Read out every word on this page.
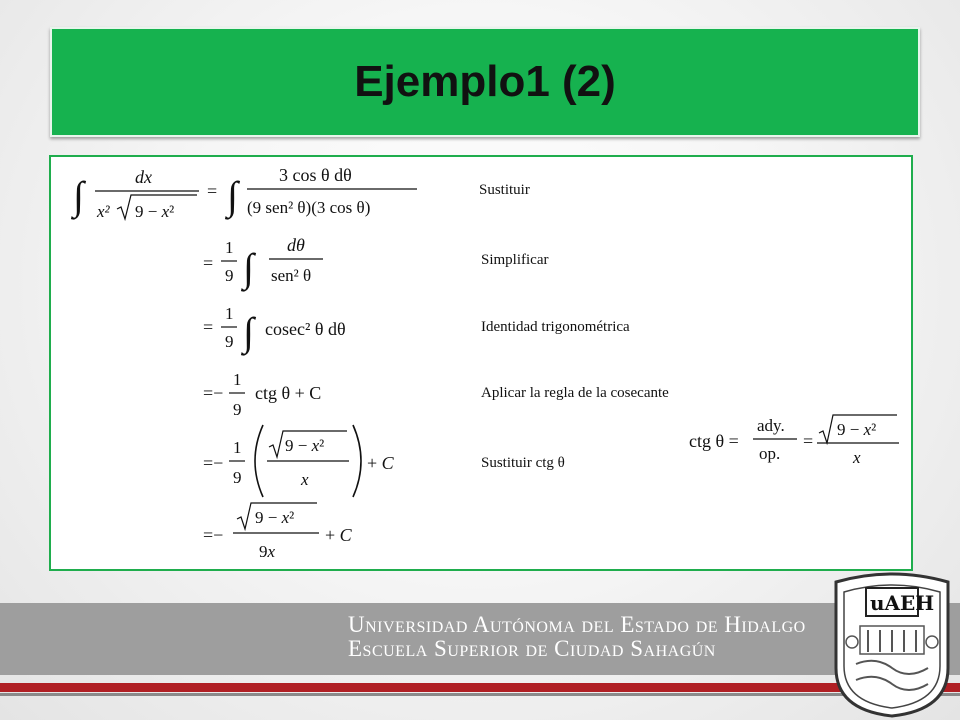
Ejemplo1 (2)
∫	dx
x² 9 − x²
= ∫ 3 cos θ dθ
(9 sen² θ)(3 cos θ)
=
1
9 ∫ dθ
sen² θ
=
1
9 ∫ cosec² θ dθ
=−
1
9
ctg θ + C
=−
1
9
9 − x²
x
+ C
=−
9 − x²
9x
+ C
ctg θ =
ady.
op.
=
9 − x²
x
Sustituir
Simplificar
Identidad trigonométrica
Aplicar la regla de la cosecante
Sustituir ctg θ
Universidad Autónoma del Estado de Hidalgo
Escuela Superior de Ciudad Sahagún
uAEH
